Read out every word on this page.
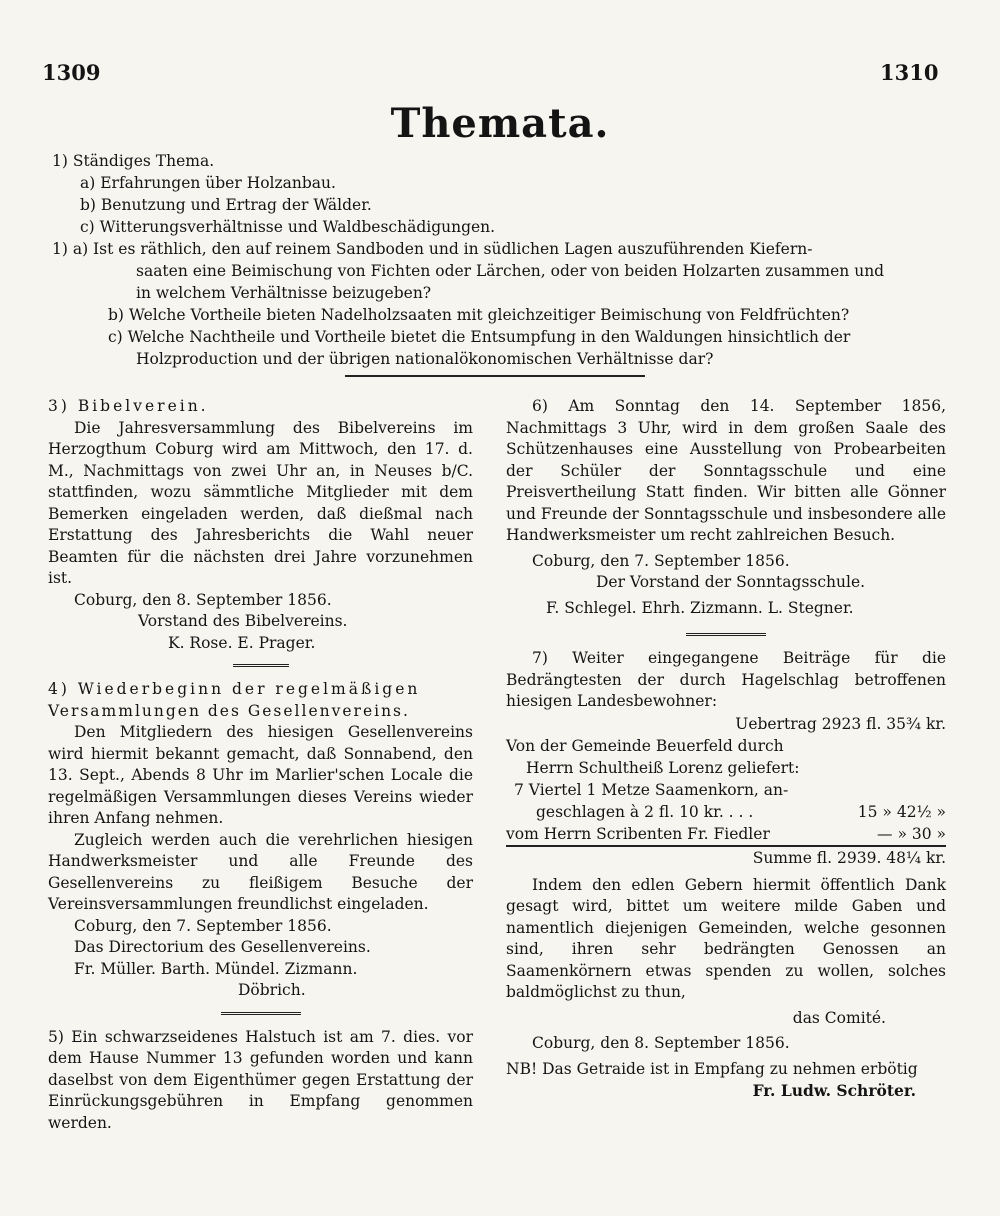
1309	1310
Themata.
1) Ständiges Thema.
a) Erfahrungen über Holzanbau.
b) Benutzung und Ertrag der Wälder.
c) Witterungsverhältnisse und Waldbeschädigungen.
1) a) Ist es räthlich, den auf reinem Sandboden und in südlichen Lagen auszuführenden Kiefern-
saaten eine Beimischung von Fichten oder Lärchen, oder von beiden Holzarten zusammen und
in welchem Verhältnisse beizugeben?
b) Welche Vortheile bieten Nadelholzsaaten mit gleichzeitiger Beimischung von Feldfrüchten?
c) Welche Nachtheile und Vortheile bietet die Entsumpfung in den Waldungen hinsichtlich der
Holzproduction und der übrigen nationalökonomischen Verhältnisse dar?

3) Bibelverein.

Die Jahresversammlung des Bibelvereins im Herzogthum Coburg wird am Mittwoch, den 17. d. M., Nachmittags von zwei Uhr an, in Neuses b/C. stattfinden, wozu sämmtliche Mitglieder mit dem Bemerken eingeladen werden, daß dießmal nach Erstattung des Jahresberichts die Wahl neuer Beamten für die nächsten drei Jahre vorzunehmen ist.

Coburg, den 8. September 1856.

Vorstand des Bibelvereins.

K. Rose. E. Prager.

4) Wiederbeginn der regelmäßigen

Versammlungen des Gesellenvereins.

Den Mitgliedern des hiesigen Gesellenvereins wird hiermit bekannt gemacht, daß Sonnabend, den 13. Sept., Abends 8 Uhr im Marlier'schen Locale die regelmäßigen Versammlungen dieses Vereins wieder ihren Anfang nehmen.

Zugleich werden auch die verehrlichen hiesigen Handwerksmeister und alle Freunde des Gesellenvereins zu fleißigem Besuche der Vereinsversammlungen freundlichst eingeladen.

Coburg, den 7. September 1856.

Das Directorium des Gesellenvereins.

Fr. Müller. Barth. Mündel. Zizmann.

Döbrich.

5) Ein schwarzseidenes Halstuch ist am 7. dies. vor dem Hause Nummer 13 gefunden worden und kann daselbst von dem Eigenthümer gegen Erstattung der Einrückungsgebühren in Empfang genommen werden.

6) Am Sonntag den 14. September 1856, Nachmittags 3 Uhr, wird in dem großen Saale des Schützenhauses eine Ausstellung von Probearbeiten der Schüler der Sonntagsschule und eine Preisvertheilung Statt finden. Wir bitten alle Gönner und Freunde der Sonntagsschule und insbesondere alle Handwerksmeister um recht zahlreichen Besuch.

Coburg, den 7. September 1856.

Der Vorstand der Sonntagsschule.

F. Schlegel. Ehrh. Zizmann. L. Stegner.

7) Weiter eingegangene Beiträge für die Bedrängtesten der durch Hagelschlag betroffenen hiesigen Landesbewohner:

Uebertrag 2923 fl. 35¾ kr.	
Von der Gemeinde Beuerfeld durch	
Herrn Schultheiß Lorenz geliefert:	
7 Viertel 1 Metze Saamenkorn, an-	
geschlagen à 2 fl. 10 kr. . . .	15 » 42½ »
vom Herrn Scribenten Fr. Fiedler	— » 30 »
Summe fl. 2939. 48¼ kr.	

Indem den edlen Gebern hiermit öffentlich Dank gesagt wird, bittet um weitere milde Gaben und namentlich diejenigen Gemeinden, welche gesonnen sind, ihren sehr bedrängten Genossen an Saamenkörnern etwas spenden zu wollen, solches baldmöglichst zu thun,

das Comité.

Coburg, den 8. September 1856.

NB! Das Getraide ist in Empfang zu nehmen erbötig

Fr. Ludw. Schröter.
